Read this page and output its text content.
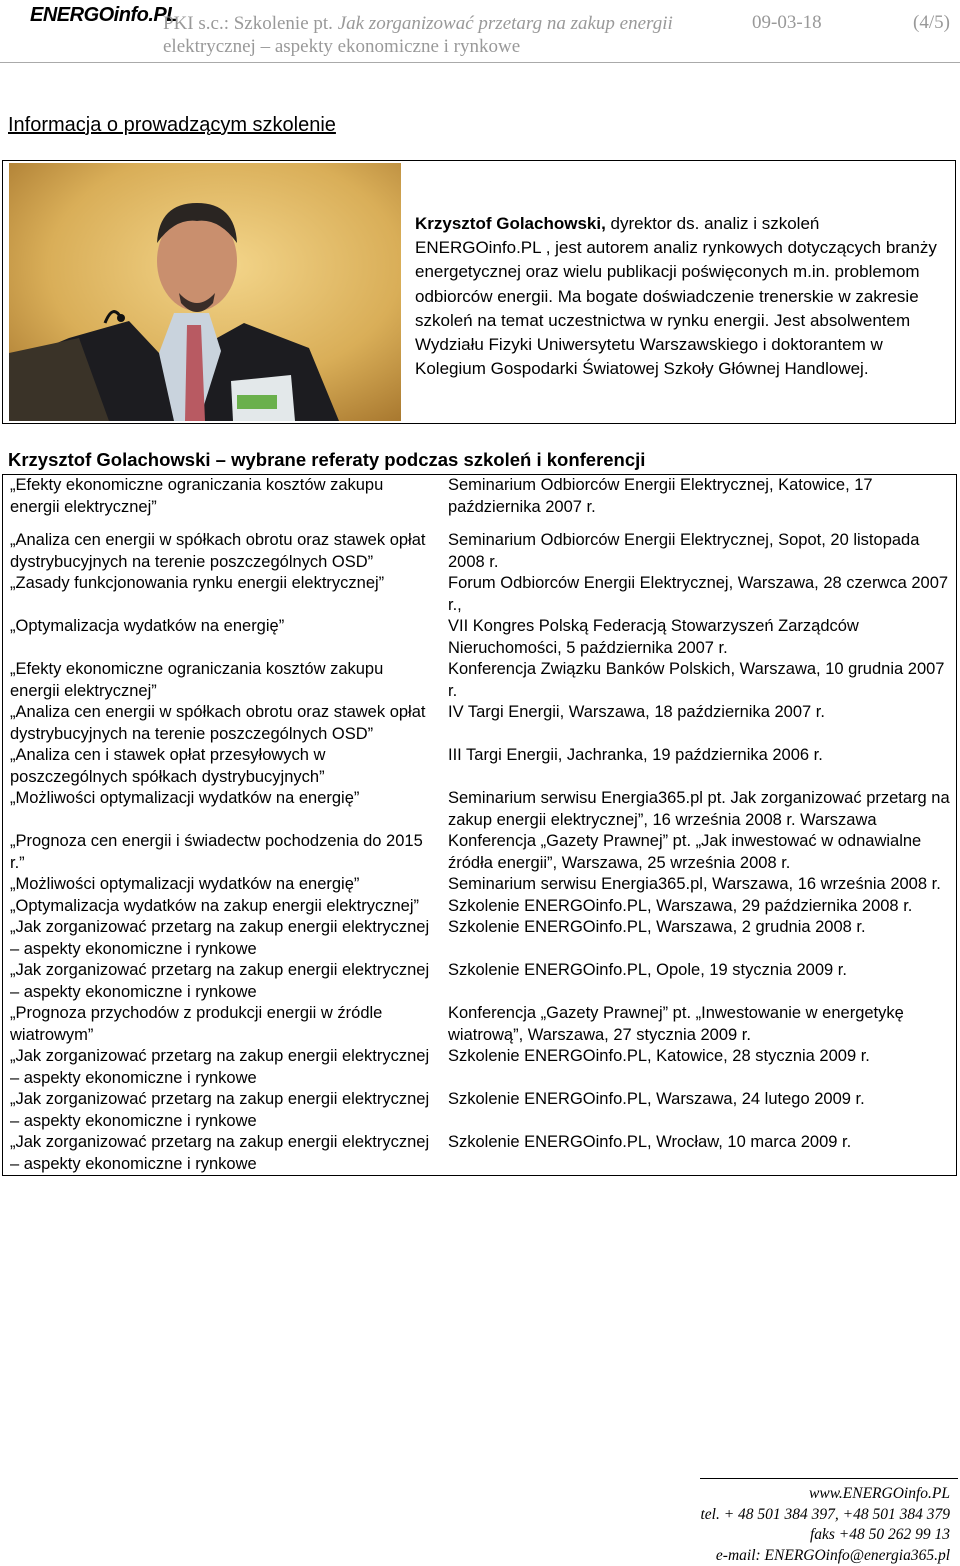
ENERGOinfo.PL
PKI s.c.: Szkolenie pt. Jak zorganizować przetarg na zakup energii
elektrycznej – aspekty ekonomiczne i rynkowe
09-03-18	(4/5)
Informacja o prowadzącym szkolenie
Krzysztof Golachowski, dyrektor ds. analiz i szkoleń ENERGOinfo.PL , jest autorem analiz rynkowych dotyczących branży energetycznej oraz wielu publikacji poświęconych m.in. problemom odbiorców energii. Ma bogate doświadczenie trenerskie w zakresie szkoleń na temat uczestnictwa w rynku energii. Jest absolwentem Wydziału Fizyki Uniwersytetu Warszawskiego i doktorantem w Kolegium Gospodarki Światowej Szkoły Głównej Handlowej.
Krzysztof Golachowski – wybrane referaty podczas szkoleń i konferencji
„Efekty ekonomiczne ograniczania kosztów zakupu energii elektrycznej”	Seminarium Odbiorców Energii Elektrycznej, Katowice, 17 października 2007 r.
„Analiza cen energii w spółkach obrotu oraz stawek opłat dystrybucyjnych na terenie poszczególnych OSD”	Seminarium Odbiorców Energii Elektrycznej, Sopot, 20 listopada 2008 r.
„Zasady funkcjonowania rynku energii elektrycznej”	Forum Odbiorców Energii Elektrycznej, Warszawa, 28 czerwca 2007 r.,
„Optymalizacja wydatków na energię”	VII Kongres Polską Federacją Stowarzyszeń Zarządców Nieruchomości, 5 października 2007 r.
„Efekty ekonomiczne ograniczania kosztów zakupu energii elektrycznej”	Konferencja Związku Banków Polskich, Warszawa, 10 grudnia 2007 r.
„Analiza cen energii w spółkach obrotu oraz stawek opłat dystrybucyjnych na terenie poszczególnych OSD”	IV Targi Energii, Warszawa, 18 października 2007 r.
„Analiza cen i stawek opłat przesyłowych w poszczególnych spółkach dystrybucyjnych”	III Targi Energii, Jachranka, 19 października 2006 r.
„Możliwości optymalizacji wydatków na energię”	Seminarium serwisu Energia365.pl pt. Jak zorganizować przetarg na zakup energii elektrycznej”, 16 września 2008 r. Warszawa
„Prognoza cen energii i świadectw pochodzenia do 2015 r.”	Konferencja „Gazety Prawnej” pt. „Jak inwestować w odnawialne źródła energii”, Warszawa, 25 września 2008 r.
„Możliwości optymalizacji wydatków na energię”	Seminarium serwisu Energia365.pl, Warszawa, 16 września 2008 r.
„Optymalizacja wydatków na zakup energii elektrycznej”	Szkolenie ENERGOinfo.PL, Warszawa, 29 października 2008 r.
„Jak zorganizować przetarg na zakup energii elektrycznej – aspekty ekonomiczne i rynkowe	Szkolenie ENERGOinfo.PL, Warszawa, 2 grudnia 2008 r.
„Jak zorganizować przetarg na zakup energii elektrycznej – aspekty ekonomiczne i rynkowe	Szkolenie ENERGOinfo.PL, Opole, 19 stycznia 2009 r.
„Prognoza przychodów z produkcji energii w źródle wiatrowym”	Konferencja „Gazety Prawnej” pt. „Inwestowanie w energetykę wiatrową”, Warszawa, 27 stycznia 2009 r.
„Jak zorganizować przetarg na zakup energii elektrycznej – aspekty ekonomiczne i rynkowe	Szkolenie ENERGOinfo.PL, Katowice, 28 stycznia 2009 r.
„Jak zorganizować przetarg na zakup energii elektrycznej – aspekty ekonomiczne i rynkowe	Szkolenie ENERGOinfo.PL, Warszawa, 24 lutego 2009 r.
„Jak zorganizować przetarg na zakup energii elektrycznej – aspekty ekonomiczne i rynkowe	Szkolenie ENERGOinfo.PL, Wrocław, 10 marca 2009 r.
www.ENERGOinfo.PL
tel. + 48 501 384 397, +48 501 384 379
faks +48 50 262 99 13
e-mail: ENERGOinfo@energia365.pl
